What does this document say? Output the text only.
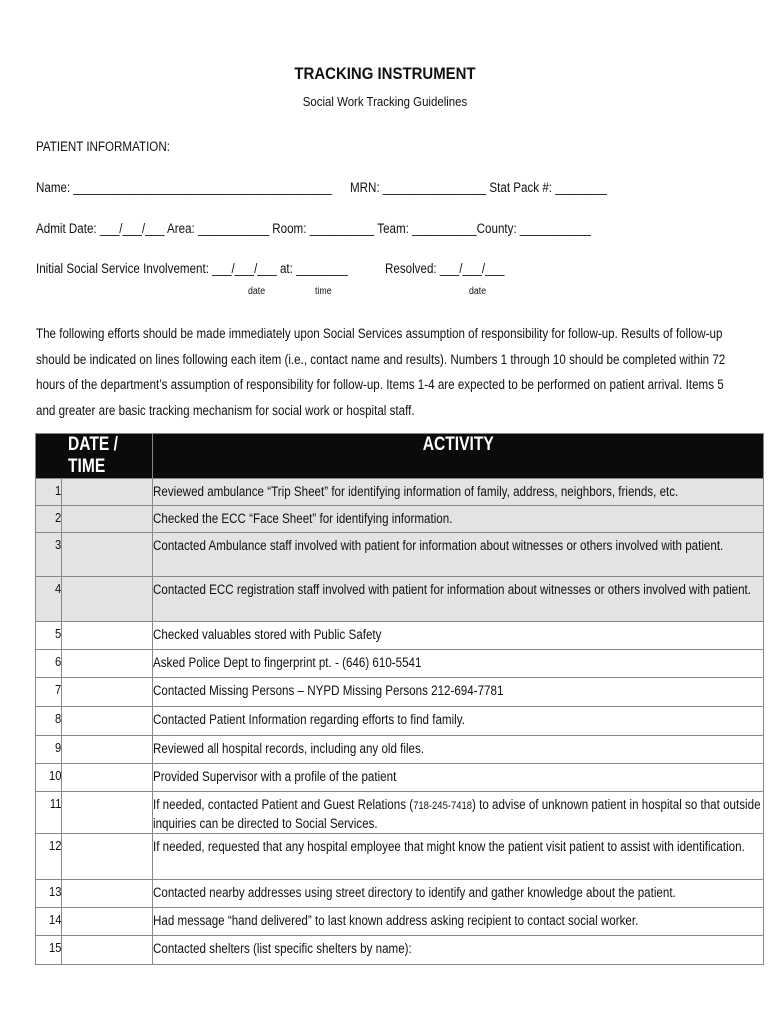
TRACKING INSTRUMENT
Social Work Tracking Guidelines
PATIENT INFORMATION:
Name: ________________________________________ MRN: ________________ Stat Pack #: ________
Admit Date: ___/___/___ Area: ___________ Room: __________ Team: __________County: ___________
Initial Social Service Involvement: ___/___/___ at: ________	Resolved: ___/___/___
date	time	date
The following efforts should be made immediately upon Social Services assumption of responsibility for follow-up. Results of follow-up should be indicated on lines following each item (i.e., contact name and results). Numbers 1 through 10 should be completed within 72 hours of the department’s assumption of responsibility for follow-up. Items 1-4 are expected to be performed on patient arrival. Items 5 and greater are basic tracking mechanism for social work or hospital staff.
DATE / TIME		ACTIVITY
1		Reviewed ambulance “Trip Sheet” for identifying information of family, address, neighbors, friends, etc.

2		Checked the ECC “Face Sheet” for identifying information.

3		Contacted Ambulance staff involved with patient for information about witnesses or others involved with patient.

4		Contacted ECC registration staff involved with patient for information about witnesses or others involved with patient.

5		Checked valuables stored with Public Safety

6		Asked Police Dept to fingerprint pt. - (646) 610-5541

7		Contacted Missing Persons – NYPD Missing Persons 212-694-7781

8		Contacted Patient Information regarding efforts to find family.

9		Reviewed all hospital records, including any old files.

10		Provided Supervisor with a profile of the patient

11		If needed, contacted Patient and Guest Relations (718-245-7418) to advise of unknown patient in hospital so that outside inquiries can be directed to Social Services.

12		If needed, requested that any hospital employee that might know the patient visit patient to assist with identification.

13		Contacted nearby addresses using street directory to identify and gather knowledge about the patient.

14		Had message “hand delivered” to last known address asking recipient to contact social worker.

15		Contacted shelters (list specific shelters by name):
